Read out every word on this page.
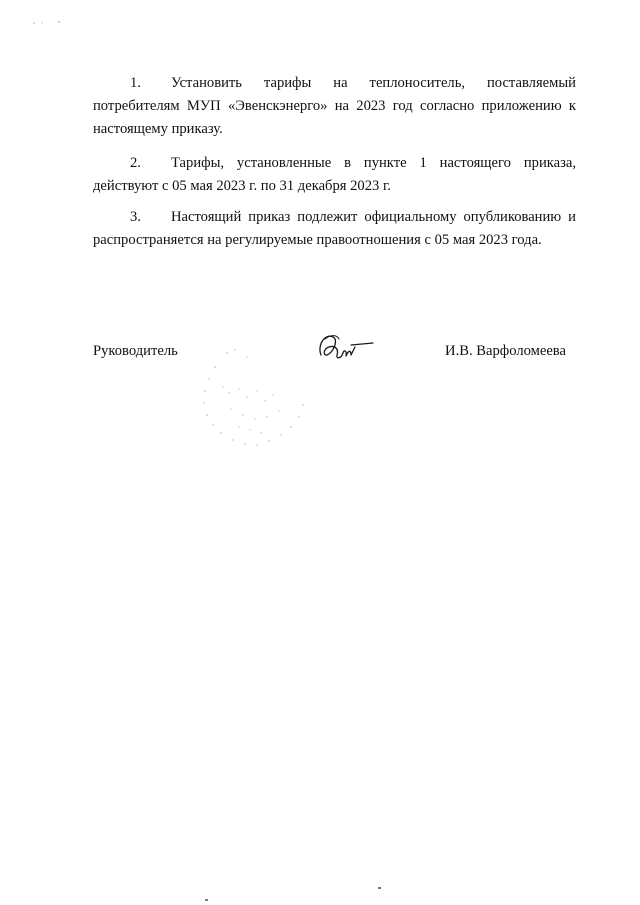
1. Установить тарифы на теплоноситель, поставляемый потребителям МУП «Эвенскэнерго» на 2023 год согласно приложению к настоящему приказу.

2. Тарифы, установленные в пункте 1 настоящего приказа, действуют с 05 мая 2023 г. по 31 декабря 2023 г.

3. Настоящий приказ подлежит официальному опубликованию и распространяется на регулируемые правоотношения с 05 мая 2023 года.

Руководитель	И.В. Варфоломеева
